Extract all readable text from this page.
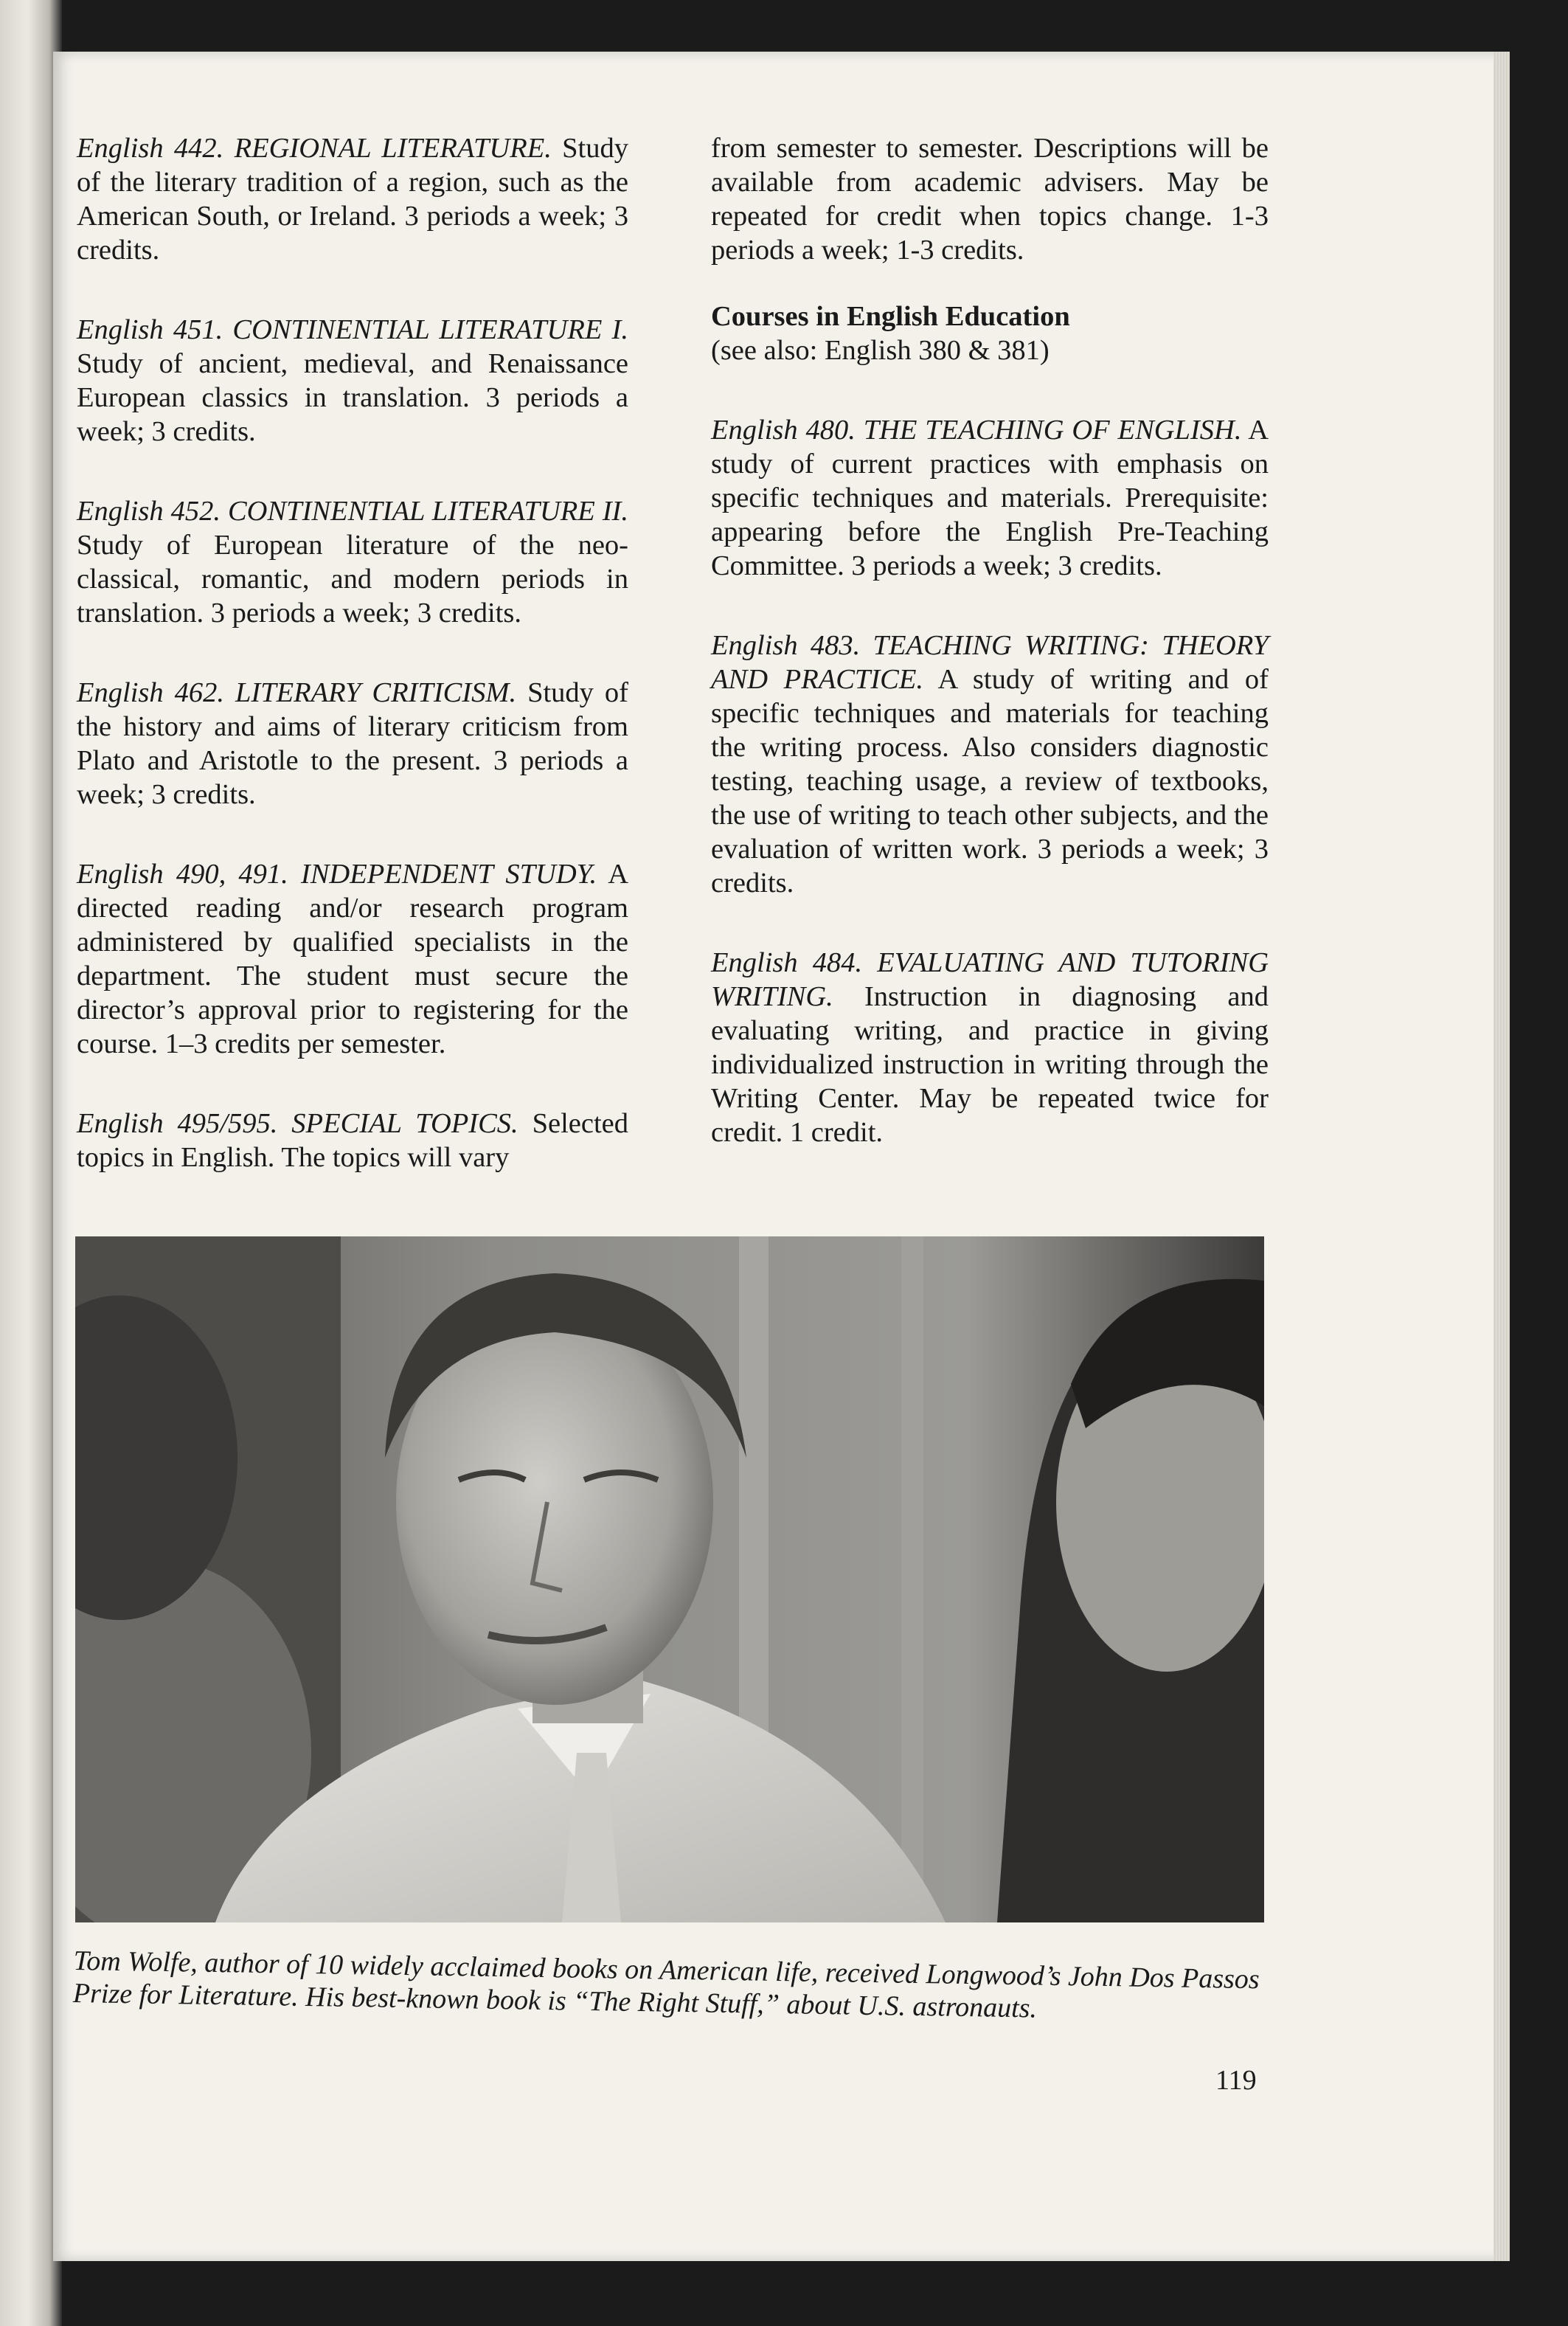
English 442. REGIONAL LITERATURE. Study of the literary tradition of a region, such as the American South, or Ireland. 3 periods a week; 3 credits.

English 451. CONTINENTIAL LITERATURE I. Study of ancient, medieval, and Renaissance European classics in translation. 3 periods a week; 3 credits.

English 452. CONTINENTIAL LITERATURE II. Study of European literature of the neo-classical, romantic, and modern periods in translation. 3 periods a week; 3 credits.

English 462. LITERARY CRITICISM. Study of the history and aims of literary criticism from Plato and Aristotle to the present. 3 periods a week; 3 credits.

English 490, 491. INDEPENDENT STUDY. A directed reading and/or research program administered by qualified specialists in the department. The student must secure the director’s approval prior to registering for the course. 1–3 credits per semester.

English 495/595. SPECIAL TOPICS. Selected topics in English. The topics will vary

from semester to semester. Descriptions will be available from academic advisers. May be repeated for credit when topics change. 1-3 periods a week; 1-3 credits.

Courses in English Education
(see also: English 380 & 381)

English 480. THE TEACHING OF ENGLISH. A study of current practices with emphasis on specific techniques and materials. Prerequisite: appearing before the English Pre-Teaching Committee. 3 periods a week; 3 credits.

English 483. TEACHING WRITING: THEORY AND PRACTICE. A study of writing and of specific techniques and materials for teaching the writing process. Also considers diagnostic testing, teaching usage, a review of textbooks, the use of writing to teach other subjects, and the evaluation of written work. 3 periods a week; 3 credits.

English 484. EVALUATING AND TUTORING WRITING. Instruction in diagnosing and evaluating writing, and practice in giving individualized instruction in writing through the Writing Center. May be repeated twice for credit. 1 credit.

Tom Wolfe, author of 10 widely acclaimed books on American life, received Longwood’s John Dos Passos Prize for Literature. His best-known book is “The Right Stuff,” about U.S. astronauts.
119
